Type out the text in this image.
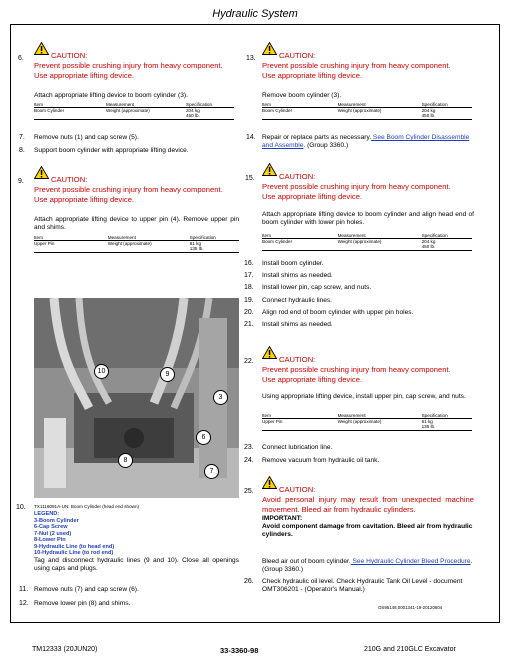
Hydraulic System
6.	CAUTION:
Prevent possible crushing injury from heavy component.
Use appropriate lifting device.
Attach appropriate lifting device to boom cylinder (3).
Item	Measurement	Specification
Boom Cylinder	Weight (approximate)	204 kg
450 lb.
7. Remove nuts (1) and cap screw (5).
8. Support boom cylinder with appropriate lifting device.
9.	CAUTION:
Prevent possible crushing injury from heavy component.
Use appropriate lifting device.
Attach appropriate lifting device to upper pin (4). Remove upper pin and shims.
Item	Measurement	Specification
Upper Pin	Weight (approximate)	61 kg
135 lb.
10	9
3
6
8
7
10. TX1116091A-UN: Boom Cylinder (head end shown)
LEGEND:
3-Boom Cylinder
6-Cap Screw
7-Nut (2 used)
8-Lower Pin
9-Hydraulic Line (to head end)
10-Hydraulic Line (to rod end)
Tag and disconnect hydraulic lines (9 and 10). Close all openings using caps and plugs.
11. Remove nuts (7) and cap screw (6).
12. Remove lower pin (8) and shims.
13.	CAUTION:
Prevent possible crushing injury from heavy component.
Use appropriate lifting device.
Remove boom cylinder (3).
Item	Measurement	Specification
Boom Cylinder	Weight (approximate)	204 kg
450 lb.
14. Repair or replace parts as necessary. See Boom Cylinder Disassemble and Assemble. (Group 3360.)
15.	CAUTION:
Prevent possible crushing injury from heavy component.
Use appropriate lifting device.
Attach appropriate lifting device to boom cylinder and align head end of boom cylinder with lower pin holes.
Item	Measurement	Specification
Boom Cylinder	Weight (approximate)	204 kg
450 lb.
16. Install boom cylinder.
17. Install shims as needed.
18. Install lower pin, cap screw, and nuts.
19. Connect hydraulic lines.
20. Align rod end of boom cylinder with upper pin holes.
21. Install shims as needed.
22.	CAUTION:
Prevent possible crushing injury from heavy component.
Use appropriate lifting device.
Using appropriate lifting device, install upper pin, cap screw, and nuts.
Item	Measurement	Specification
Upper Pin	Weight (approximate)	61 kg
135 lb.
23. Connect lubrication line.
24. Remove vacuum from hydraulic oil tank.
25.	CAUTION:
Avoid personal injury may result from unexpected machine movement. Bleed air from hydraulic cylinders.
IMPORTANT:
Avoid component damage from cavitation. Bleed air from hydraulic cylinders.
Bleed air out of boom cylinder. See Hydraulic Cylinder Bleed Procedure. (Group 3360.)
26. Check hydraulic oil level. Check Hydraulic Tank Oil Level - document OMT306201 - (Operator's Manual.)
OS95148,0001341-19-20120604
TM12333 (20JUN20)	33-3360-98	210G and 210GLC Excavator
